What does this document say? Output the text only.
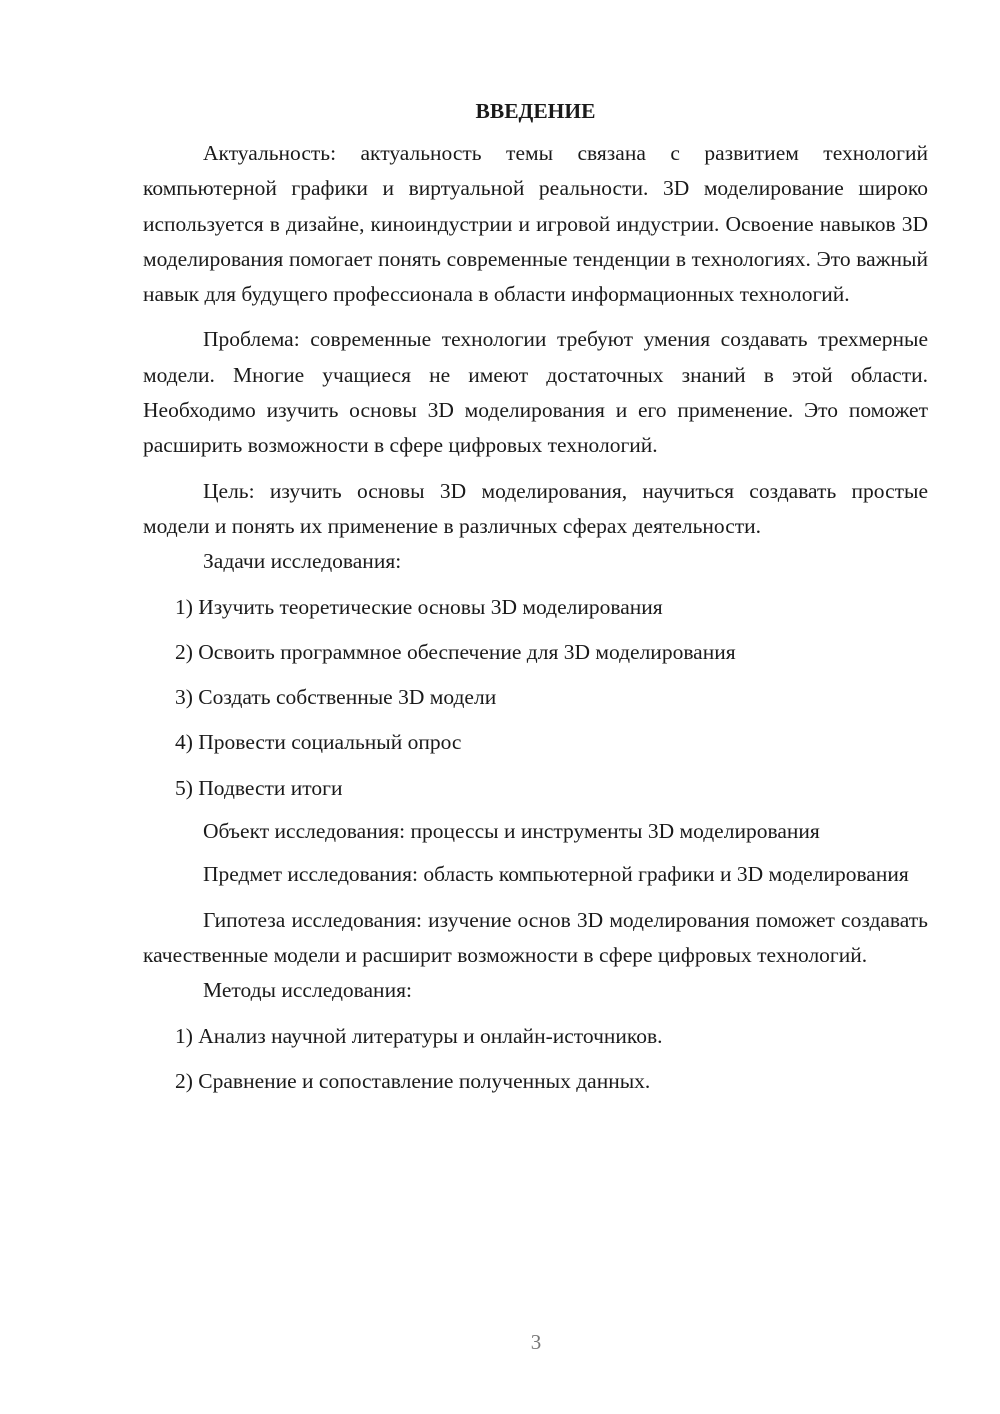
ВВЕДЕНИЕ

Актуальность: актуальность темы связана с развитием технологий компьютерной графики и виртуальной реальности. 3D моделирование широко используется в дизайне, киноиндустрии и игровой индустрии. Освоение навыков 3D моделирования помогает понять современные тенденции в технологиях. Это важный навык для будущего профессионала в области информационных технологий.

Проблема: современные технологии требуют умения создавать трехмерные модели. Многие учащиеся не имеют достаточных знаний в этой области. Необходимо изучить основы 3D моделирования и его применение. Это поможет расширить возможности в сфере цифровых технологий.

Цель: изучить основы 3D моделирования, научиться создавать простые модели и понять их применение в различных сферах деятельности.

Задачи исследования:

1) Изучить теоретические основы 3D моделирования

2) Освоить программное обеспечение для 3D моделирования

3) Создать собственные 3D модели

4) Провести социальный опрос

5) Подвести итоги

Объект исследования: процессы и инструменты 3D моделирования

Предмет исследования: область компьютерной графики и 3D моделирования

Гипотеза исследования: изучение основ 3D моделирования поможет создавать качественные модели и расширит возможности в сфере цифровых технологий.

Методы исследования:

1) Анализ научной литературы и онлайн-источников.

2) Сравнение и сопоставление полученных данных.

3
